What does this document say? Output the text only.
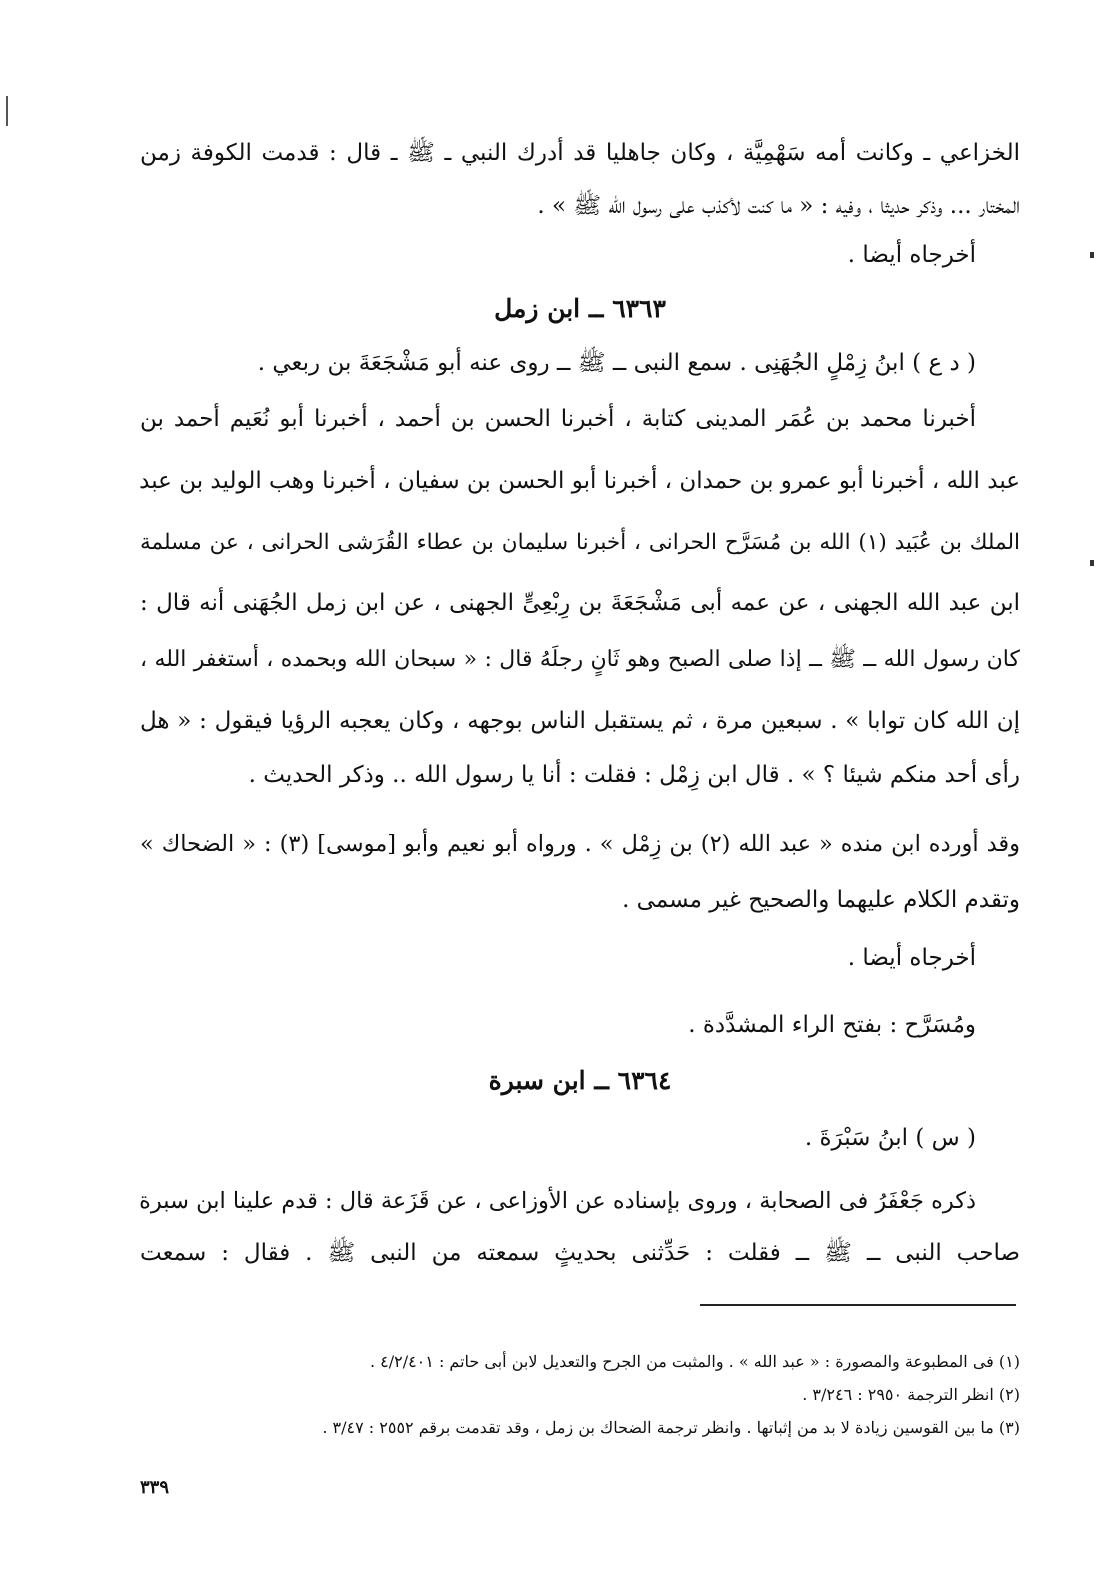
الخزاعي ـ وكانت أمه سَهْمِيَّة ، وكان جاهليا قد أدرك النبي ـ ﷺ ـ قال : قدمت الكوفة زمن
المختار ... وذكر حديثا ، وفيه : « ما كنت لأكذب على رسول الله ﷺ » .
أخرجاه أيضا .
٦٣٦٣ ــ ابن زمل
( د ع ) ابنُ زِمْلٍ الجُهَنِى . سمع النبى ــ ﷺ ــ روى عنه أبو مَشْجَعَةَ بن ربعي .
أخبرنا محمد بن عُمَر المدينى كتابة ، أخبرنا الحسن بن أحمد ، أخبرنا أبو نُعَيم أحمد بن
عبد الله ، أخبرنا أبو عمرو بن حمدان ، أخبرنا أبو الحسن بن سفيان ، أخبرنا وهب الوليد بن عبد
الملك بن عُبَيد (١) الله بن مُسَرَّح الحرانى ، أخبرنا سليمان بن عطاء القُرَشى الحرانى ، عن مسلمة
ابن عبد الله الجهنى ، عن عمه أبى مَشْجَعَةَ بن رِبْعِىٍّ الجهنى ، عن ابن زمل الجُهَنى أنه قال :
كان رسول الله ــ ﷺ ــ إذا صلى الصبح وهو ثَانٍ رجلَهُ قال : « سبحان الله وبحمده ، أستغفر الله ،
إن الله كان توابا » . سبعين مرة ، ثم يستقبل الناس بوجهه ، وكان يعجبه الرؤيا فيقول : « هل
رأى أحد منكم شيئا ؟ » . قال ابن زِمْل : فقلت : أنا يا رسول الله .. وذكر الحديث .
وقد أورده ابن منده « عبد الله (٢) بن زِمْل » . ورواه أبو نعيم وأبو [موسى] (٣) : « الضحاك »
وتقدم الكلام عليهما والصحيح غير مسمى .
أخرجاه أيضا .
ومُسَرَّح : بفتح الراء المشدَّدة .
٦٣٦٤ ــ ابن سبرة
( س ) ابنُ سَبْرَةَ .
ذكره جَعْفَرُ فى الصحابة ، وروى بإسناده عن الأوزاعى ، عن قَزَعة قال : قدم علينا ابن سبرة
صاحب النبى ــ ﷺ ــ فقلت : حَدِّثنى بحديثٍ سمعته من النبى ﷺ . فقال : سمعت
(١) فى المطبوعة والمصورة : « عبد الله » . والمثبت من الجرح والتعديل لابن أبى حاتم : ٤/٢/٤٠١ .
(٢) انظر الترجمة ٢٩٥٠ : ٣/٢٤٦ .
(٣) ما بين القوسين زيادة لا بد من إثباتها . وانظر ترجمة الضحاك بن زمل ، وقد تقدمت برقم ٢٥٥٢ : ٣/٤٧ .
٣٣٩
